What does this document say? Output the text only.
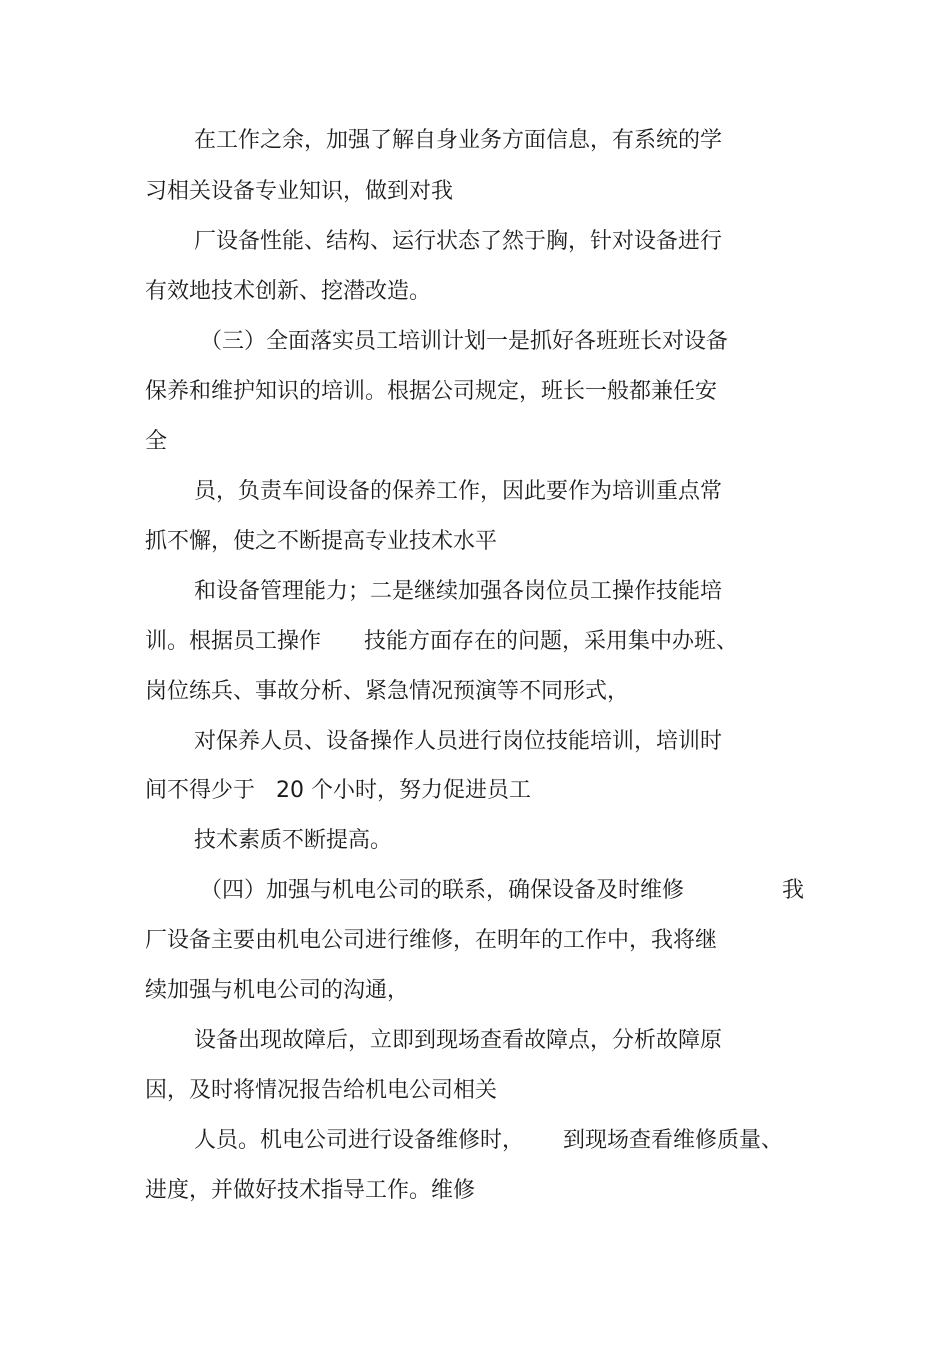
在工作之余，加强了解自身业务方面信息，有系统的学
习相关设备专业知识，做到对我
厂设备性能、结构、运行状态了然于胸，针对设备进行
有效地技术创新、挖潜改造。
（三）全面落实员工培训计划一是抓好各班班长对设备
保养和维护知识的培训。根据公司规定，班长一般都兼任安
全
员，负责车间设备的保养工作，因此要作为培训重点常
抓不懈，使之不断提高专业技术水平
和设备管理能力；二是继续加强各岗位员工操作技能培
训。根据员工操作 技能方面存在的问题，采用集中办班、
岗位练兵、事故分析、紧急情况预演等不同形式，
对保养人员、设备操作人员进行岗位技能培训，培训时
间不得少于 20 个小时，努力促进员工
技术素质不断提高。
（四）加强与机电公司的联系，确保设备及时维修	我
厂设备主要由机电公司进行维修，在明年的工作中，我将继
续加强与机电公司的沟通，
设备出现故障后，立即到现场查看故障点，分析故障原
因，及时将情况报告给机电公司相关
人员。机电公司进行设备维修时， 到现场查看维修质量、
进度，并做好技术指导工作。维修
